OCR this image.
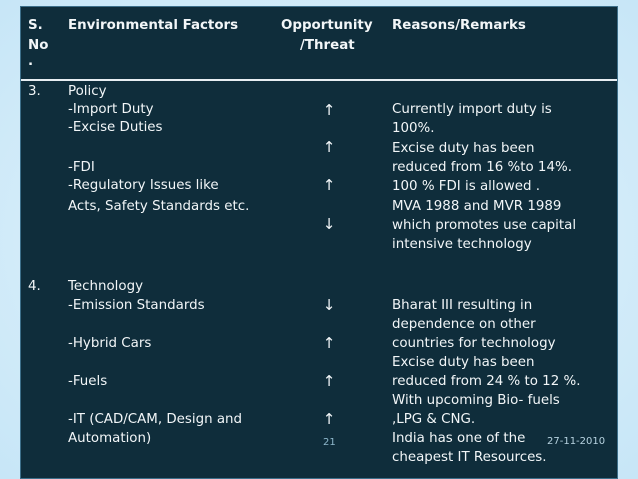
S.
No
.
Environmental Factors	Opportunity
/Threat
Reasons/Remarks
3. Policy
-Import Duty
-Excise Duties
-FDI
-Regulatory Issues like
Acts, Safety Standards etc.
↑
↑
↑
↓
Currently import duty is
100%.
Excise duty has been
reduced from 16 %to 14%.
100 % FDI is allowed .
MVA 1988 and MVR 1989
which promotes use capital
intensive technology
4. Technology
-Emission Standards
-Hybrid Cars
-Fuels
-IT (CAD/CAM, Design and
Automation)
↓
↑
↑
↑
Bharat III resulting in
dependence on other
countries for technology
Excise duty has been
reduced from 24 % to 12 %.
With upcoming Bio- fuels
,LPG & CNG.
India has one of the
cheapest IT Resources.
21	27-11-2010
